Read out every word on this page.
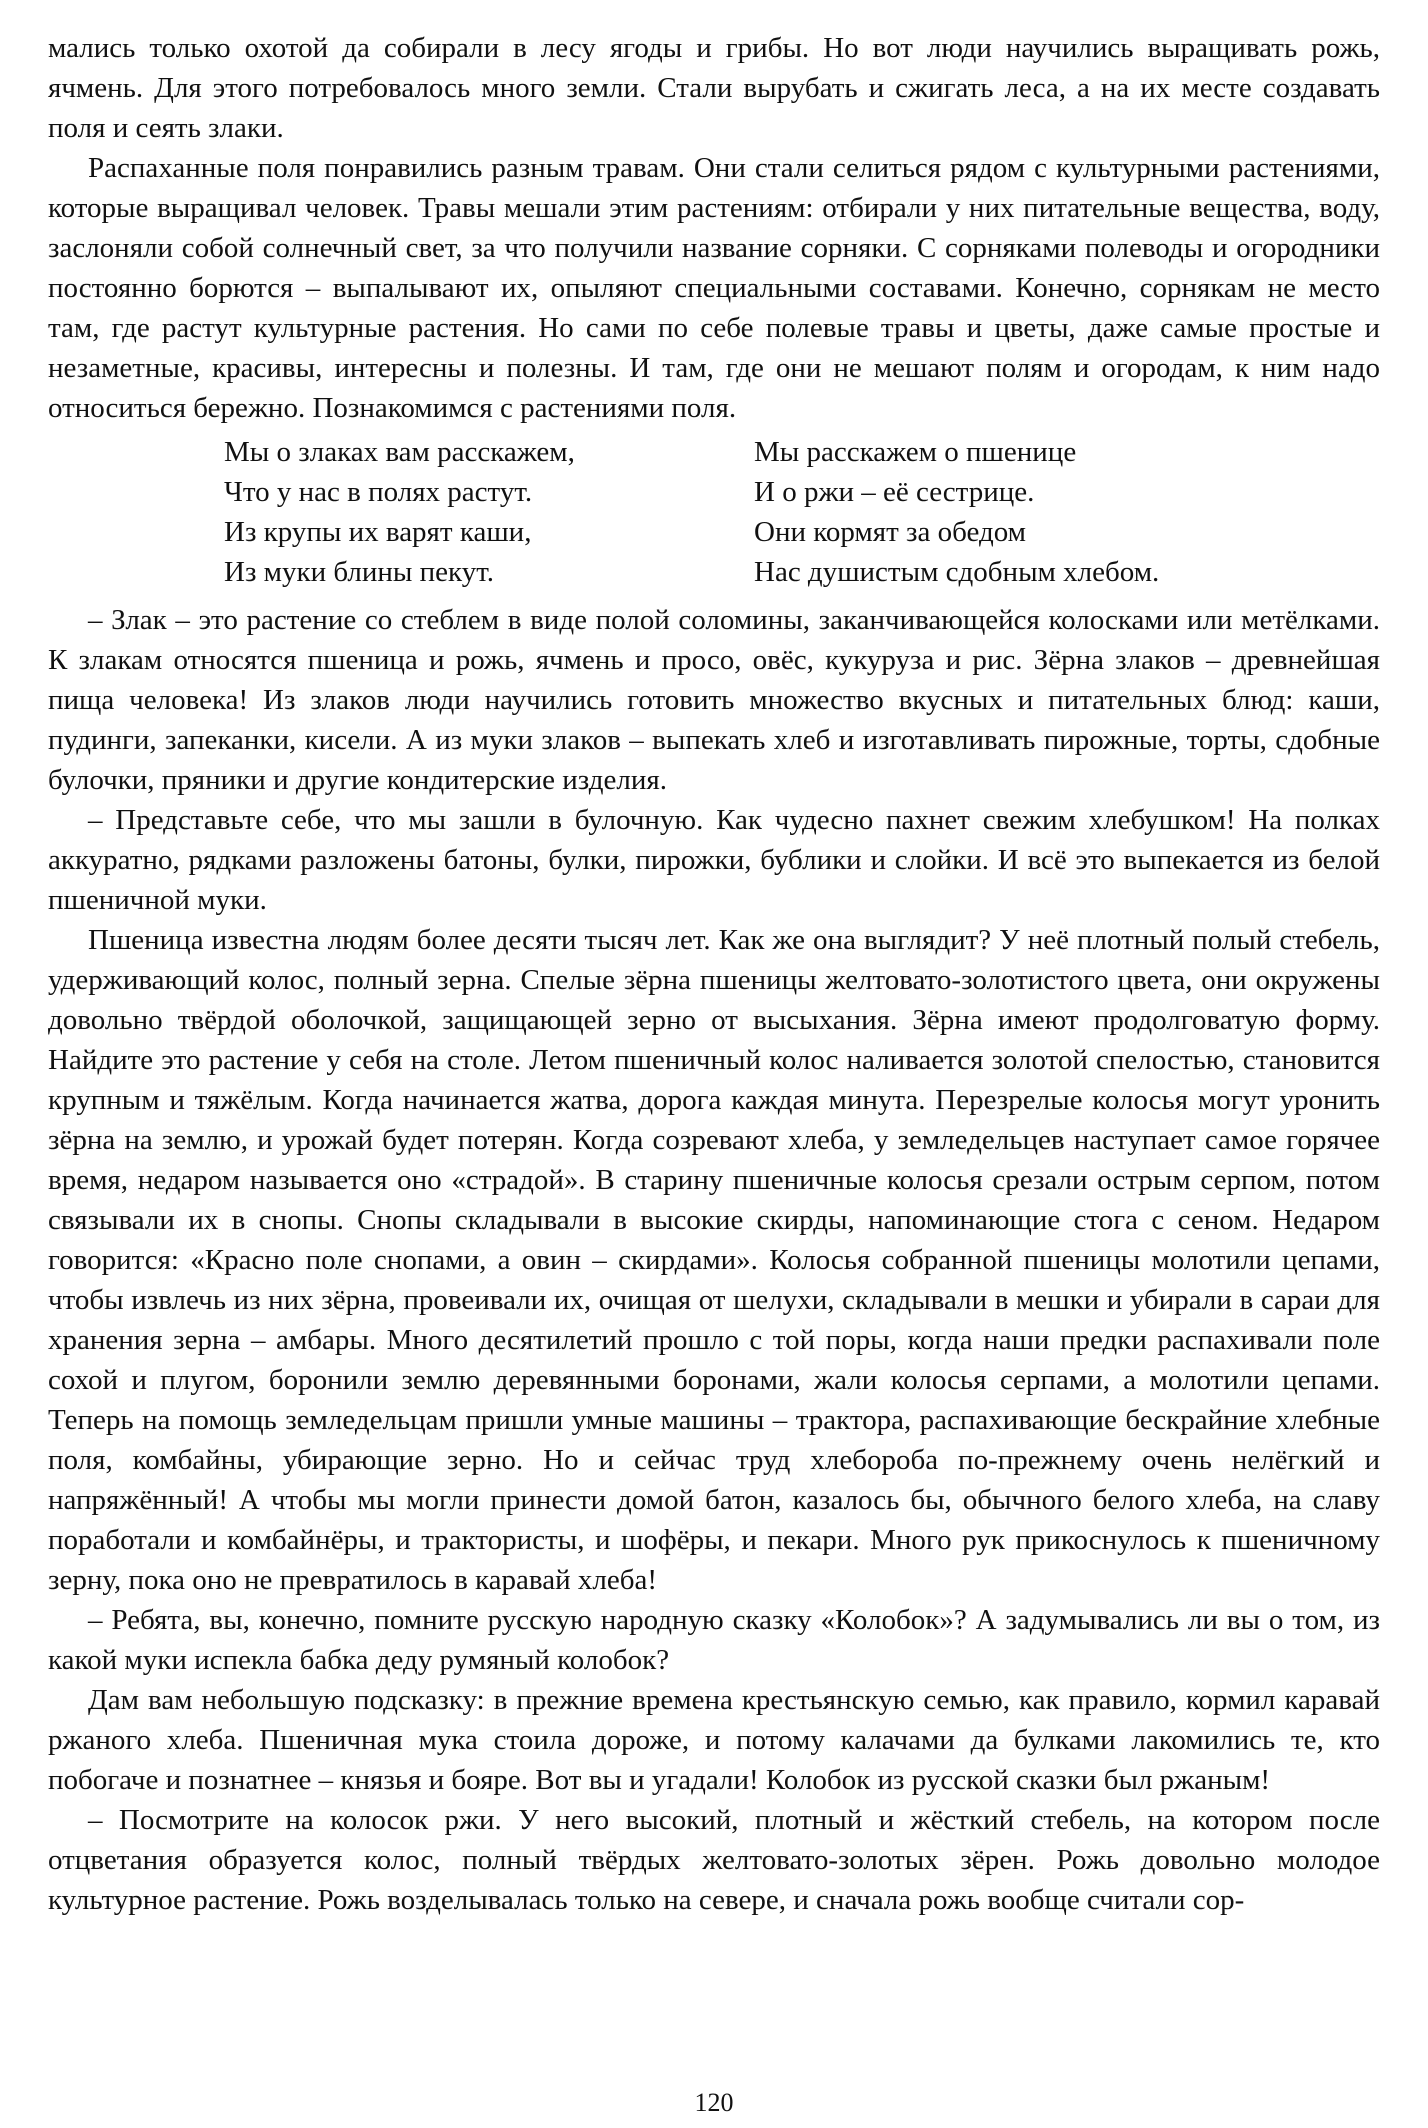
мались только охотой да собирали в лесу ягоды и грибы. Но вот люди научились выращивать рожь, ячмень. Для этого потребовалось много земли. Стали вырубать и сжигать леса, а на их месте создавать поля и сеять злаки.

Распаханные поля понравились разным травам. Они стали селиться рядом с культурными растениями, которые выращивал человек. Травы мешали этим растениям: отбирали у них питательные вещества, воду, заслоняли собой солнечный свет, за что получили название сорняки. С сорняками полеводы и огородники постоянно борются – выпалывают их, опыляют специальными составами. Конечно, сорнякам не место там, где растут культурные растения. Но сами по себе полевые травы и цветы, даже самые простые и незаметные, красивы, интересны и полезны. И там, где они не мешают полям и огородам, к ним надо относиться бережно. Познакомимся с растениями поля.

Мы о злаках вам расскажем,
Что у нас в полях растут.
Из крупы их варят каши,
Из муки блины пекут.
Мы расскажем о пшенице
И о ржи – её сестрице.
Они кормят за обедом
Нас душистым сдобным хлебом.

– Злак – это растение со стеблем в виде полой соломины, заканчивающейся колосками или метёлками. К злакам относятся пшеница и рожь, ячмень и просо, овёс, кукуруза и рис. Зёрна злаков – древнейшая пища человека! Из злаков люди научились готовить множество вкусных и питательных блюд: каши, пудинги, запеканки, кисели. А из муки злаков – выпекать хлеб и изготавливать пирожные, торты, сдобные булочки, пряники и другие кондитерские изделия.

– Представьте себе, что мы зашли в булочную. Как чудесно пахнет свежим хлебушком! На полках аккуратно, рядками разложены батоны, булки, пирожки, бублики и слойки. И всё это выпекается из белой пшеничной муки.

Пшеница известна людям более десяти тысяч лет. Как же она выглядит? У неё плотный полый стебель, удерживающий колос, полный зерна. Спелые зёрна пшеницы желтовато-золотистого цвета, они окружены довольно твёрдой оболочкой, защищающей зерно от высыхания. Зёрна имеют продолговатую форму. Найдите это растение у себя на столе. Летом пшеничный колос наливается золотой спелостью, становится крупным и тяжёлым. Когда начинается жатва, дорога каждая минута. Перезрелые колосья могут уронить зёрна на землю, и урожай будет потерян. Когда созревают хлеба, у земледельцев наступает самое горячее время, недаром называется оно «страдой». В старину пшеничные колосья срезали острым серпом, потом связывали их в снопы. Снопы складывали в высокие скирды, напоминающие стога с сеном. Недаром говорится: «Красно поле снопами, а овин – скирдами». Колосья собранной пшеницы молотили цепами, чтобы извлечь из них зёрна, провеивали их, очищая от шелухи, складывали в мешки и убирали в сараи для хранения зерна – амбары. Много десятилетий прошло с той поры, когда наши предки распахивали поле сохой и плугом, боронили землю деревянными боронами, жали колосья серпами, а молотили цепами. Теперь на помощь земледельцам пришли умные машины – трактора, распахивающие бескрайние хлебные поля, комбайны, убирающие зерно. Но и сейчас труд хлебороба по-прежнему очень нелёгкий и напряжённый! А чтобы мы могли принести домой батон, казалось бы, обычного белого хлеба, на славу поработали и комбайнёры, и трактористы, и шофёры, и пекари. Много рук прикоснулось к пшеничному зерну, пока оно не превратилось в каравай хлеба!

– Ребята, вы, конечно, помните русскую народную сказку «Колобок»? А задумывались ли вы о том, из какой муки испекла бабка деду румяный колобок?

Дам вам небольшую подсказку: в прежние времена крестьянскую семью, как правило, кормил каравай ржаного хлеба. Пшеничная мука стоила дороже, и потому калачами да булками лакомились те, кто побогаче и познатнее – князья и бояре. Вот вы и угадали! Колобок из русской сказки был ржаным!

– Посмотрите на колосок ржи. У него высокий, плотный и жёсткий стебель, на котором после отцветания образуется колос, полный твёрдых желтовато-золотых зёрен. Рожь довольно молодое культурное растение. Рожь возделывалась только на севере, и сначала рожь вообще считали сор-

120
